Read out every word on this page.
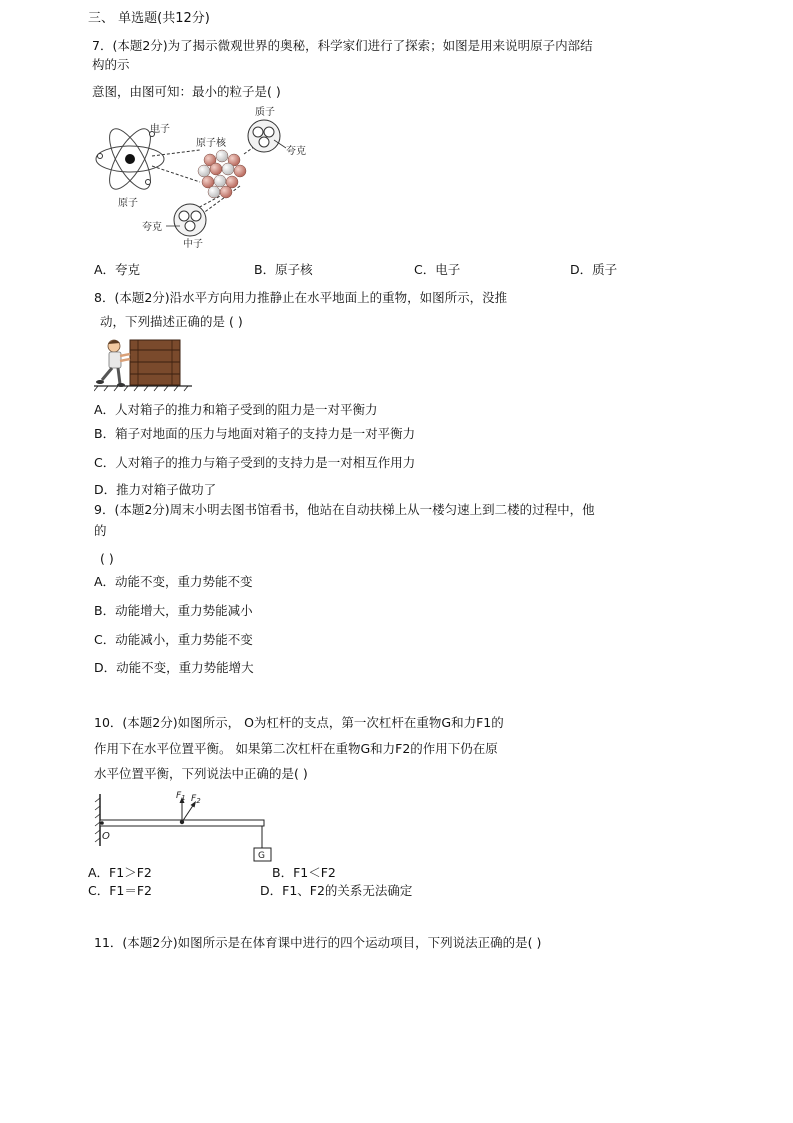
三、 单选题(共12分)
7．(本题2分)为了揭示微观世界的奥秘，科学家们进行了探索；如图是用来说明原子内部结
构的示
意图，由图可知：最小的粒子是( )
电子
原子核
质子
夸克
原子
夸克
中子
A．夸克	B．原子核	C．电子	D．质子
8．(本题2分)沿水平方向用力推静止在水平地面上的重物，如图所示，没推
动，下列描述正确的是 ( )
A．人对箱子的推力和箱子受到的阻力是一对平衡力
B．箱子对地面的压力与地面对箱子的支持力是一对平衡力
C．人对箱子的推力与箱子受到的支持力是一对相互作用力
D．推力对箱子做功了
9．(本题2分)周末小明去图书馆看书，他站在自动扶梯上从一楼匀速上到二楼的过程中，他
的
( )
A．动能不变，重力势能不变
B．动能增大，重力势能减小
C．动能减小，重力势能不变
D．动能不变，重力势能增大
10．(本题2分)如图所示， O为杠杆的支点，第一次杠杆在重物G和力F1的
作用下在水平位置平衡。 如果第二次杠杆在重物G和力F2的作用下仍在原
水平位置平衡，下列说法中正确的是( )
$F_1$ $F_2$
O
G
A．F1＞F2	B．F1＜F2
C．F1＝F2	D．F1、F2的关系无法确定
11．(本题2分)如图所示是在体育课中进行的四个运动项目，下列说法正确的是( )
